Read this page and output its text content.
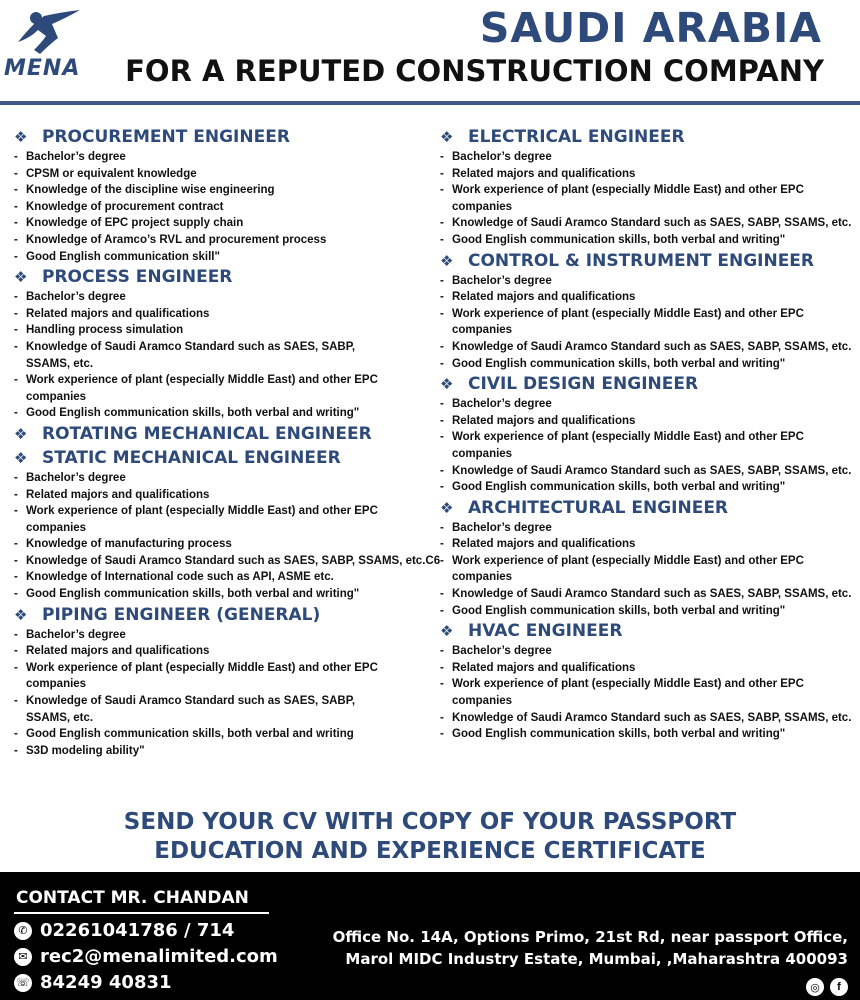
MENA
SAUDI ARABIA
FOR A REPUTED CONSTRUCTION COMPANY
❖ PROCUREMENT ENGINEER
- Bachelor’s degree
- CPSM or equivalent knowledge
- Knowledge of the discipline wise engineering
- Knowledge of procurement contract
- Knowledge of EPC project supply chain
- Knowledge of Aramco’s RVL and procurement process
- Good English communication skill"
❖ PROCESS ENGINEER
- Bachelor’s degree
- Related majors and qualifications
- Handling process simulation
- Knowledge of Saudi Aramco Standard such as SAES, SABP,
SSAMS, etc.
- Work experience of plant (especially Middle East) and other EPC
companies
- Good English communication skills, both verbal and writing"
❖ ROTATING MECHANICAL ENGINEER
❖ STATIC MECHANICAL ENGINEER
- Bachelor’s degree
- Related majors and qualifications
- Work experience of plant (especially Middle East) and other EPC
companies
- Knowledge of manufacturing process
- Knowledge of Saudi Aramco Standard such as SAES, SABP, SSAMS, etc.C6
- Knowledge of International code such as API, ASME etc.
- Good English communication skills, both verbal and writing"
❖ PIPING ENGINEER (GENERAL)
- Bachelor’s degree
- Related majors and qualifications
- Work experience of plant (especially Middle East) and other EPC
companies
- Knowledge of Saudi Aramco Standard such as SAES, SABP,
SSAMS, etc.
- Good English communication skills, both verbal and writing
- S3D modeling ability"
❖ ELECTRICAL ENGINEER
- Bachelor’s degree
- Related majors and qualifications
- Work experience of plant (especially Middle East) and other EPC
companies
- Knowledge of Saudi Aramco Standard such as SAES, SABP, SSAMS, etc.
- Good English communication skills, both verbal and writing"
❖ CONTROL & INSTRUMENT ENGINEER
- Bachelor’s degree
- Related majors and qualifications
- Work experience of plant (especially Middle East) and other EPC
companies
- Knowledge of Saudi Aramco Standard such as SAES, SABP, SSAMS, etc.
- Good English communication skills, both verbal and writing"
❖ CIVIL DESIGN ENGINEER
- Bachelor’s degree
- Related majors and qualifications
- Work experience of plant (especially Middle East) and other EPC
companies
- Knowledge of Saudi Aramco Standard such as SAES, SABP, SSAMS, etc.
- Good English communication skills, both verbal and writing"
❖ ARCHITECTURAL ENGINEER
- Bachelor’s degree
- Related majors and qualifications
- Work experience of plant (especially Middle East) and other EPC
companies
- Knowledge of Saudi Aramco Standard such as SAES, SABP, SSAMS, etc.
- Good English communication skills, both verbal and writing"
❖ HVAC ENGINEER
- Bachelor’s degree
- Related majors and qualifications
- Work experience of plant (especially Middle East) and other EPC
companies
- Knowledge of Saudi Aramco Standard such as SAES, SABP, SSAMS, etc.
- Good English communication skills, both verbal and writing"
SEND YOUR CV WITH COPY OF YOUR PASSPORT
EDUCATION AND EXPERIENCE CERTIFICATE
CONTACT MR. CHANDAN
✆ 02261041786 / 714
✉ rec2@menalimited.com
☏ 84249 40831
Office No. 14A, Options Primo, 21st Rd, near passport Office,
Marol MIDC Industry Estate, Mumbai, ,Maharashtra 400093
◎	f
